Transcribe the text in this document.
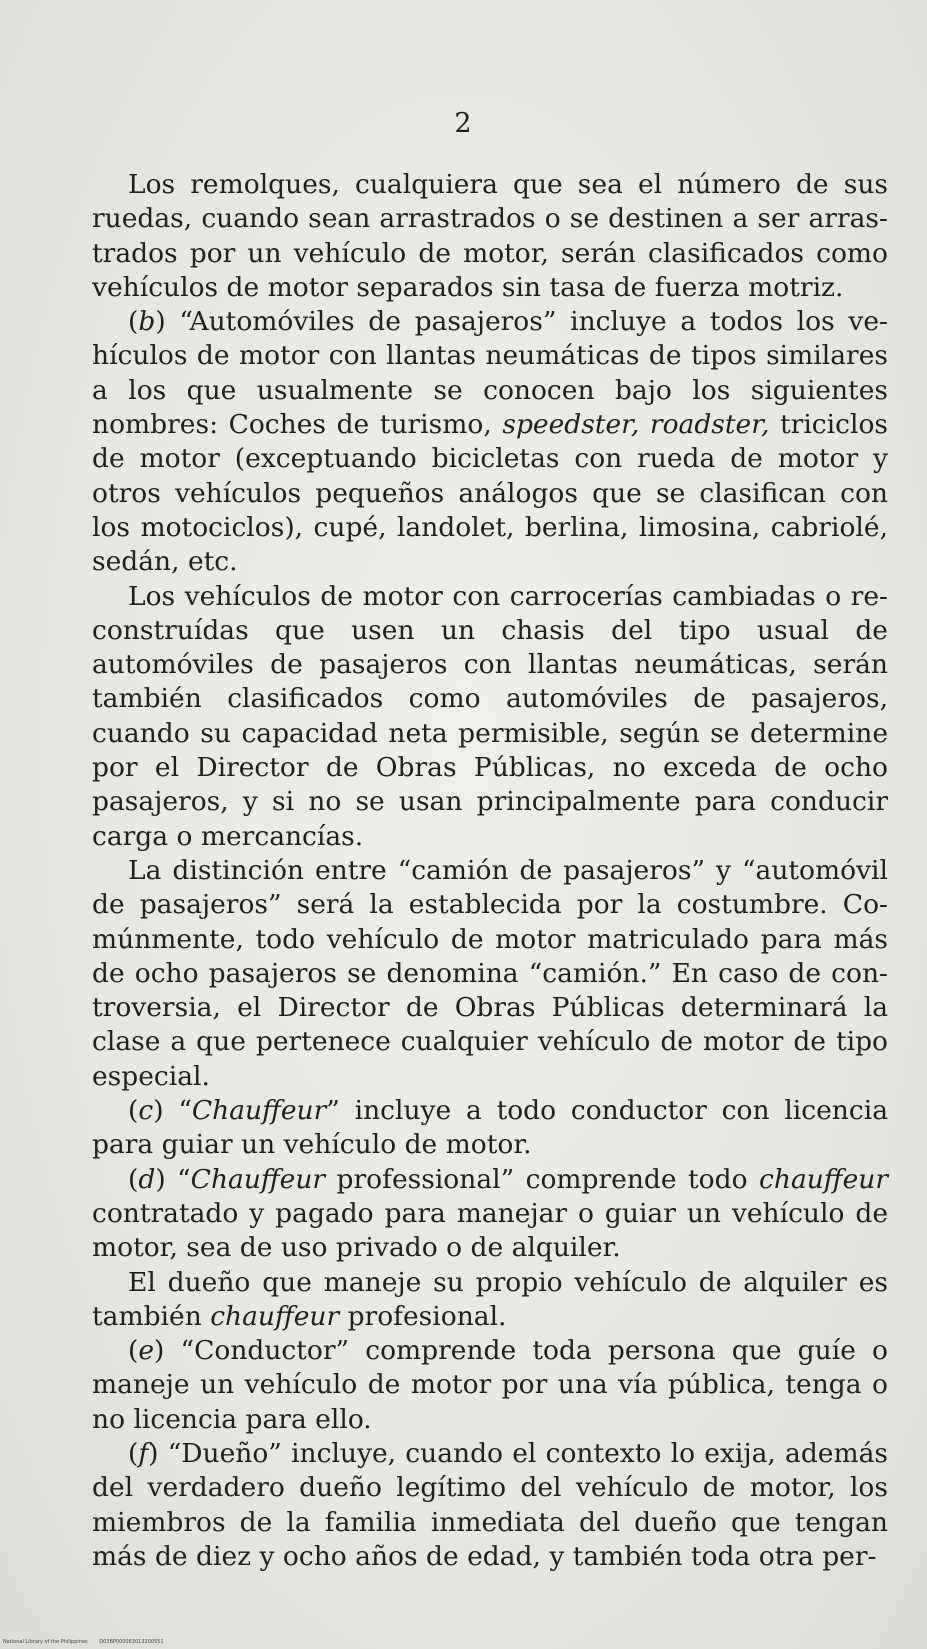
2

Los remolques, cualquiera que sea el número de sus ruedas, cuando sean arrastrados o se destinen a ser arrastrados por un vehículo de motor, serán clasificados como vehículos de motor separados sin tasa de fuerza motriz.

(b) “Automóviles de pasajeros” incluye a todos los vehículos de motor con llantas neumáticas de tipos similares a los que usualmente se conocen bajo los siguientes nombres: Coches de turismo, speedster, roadster, triciclos de motor (exceptuando bicicletas con rueda de motor y otros vehículos pequeños análogos que se clasifican con los motociclos), cupé, landolet, berlina, limosina, cabriolé, sedán, etc.

Los vehículos de motor con carrocerías cambiadas o reconstruídas que usen un chasis del tipo usual de automóviles de pasajeros con llantas neumáticas, serán también clasificados como automóviles de pasajeros, cuando su capacidad neta permisible, según se determine por el Director de Obras Públicas, no exceda de ocho pasajeros, y si no se usan principalmente para conducir carga o mercancías.

La distinción entre “camión de pasajeros” y “automóvil de pasajeros” será la establecida por la costumbre. Comúnmente, todo vehículo de motor matriculado para más de ocho pasajeros se denomina “camión.” En caso de controversia, el Director de Obras Públicas determinará la clase a que pertenece cualquier vehículo de motor de tipo especial.

(c) “Chauffeur” incluye a todo conductor con licencia para guiar un vehículo de motor.

(d) “Chauffeur professional” comprende todo chauffeur contratado y pagado para manejar o guiar un vehículo de motor, sea de uso privado o de alquiler.

El dueño que maneje su propio vehículo de alquiler es también chauffeur profesional.

(e) “Conductor” comprende toda persona que guíe o maneje un vehículo de motor por una vía pública, tenga o no licencia para ello.

(f) “Dueño” incluye, cuando el contexto lo exija, además del verdadero dueño legítimo del vehículo de motor, los miembros de la familia inmediata del dueño que tengan más de diez y ocho años de edad, y también toda otra per-

National Library of the Philippines D03BP000063013200551
